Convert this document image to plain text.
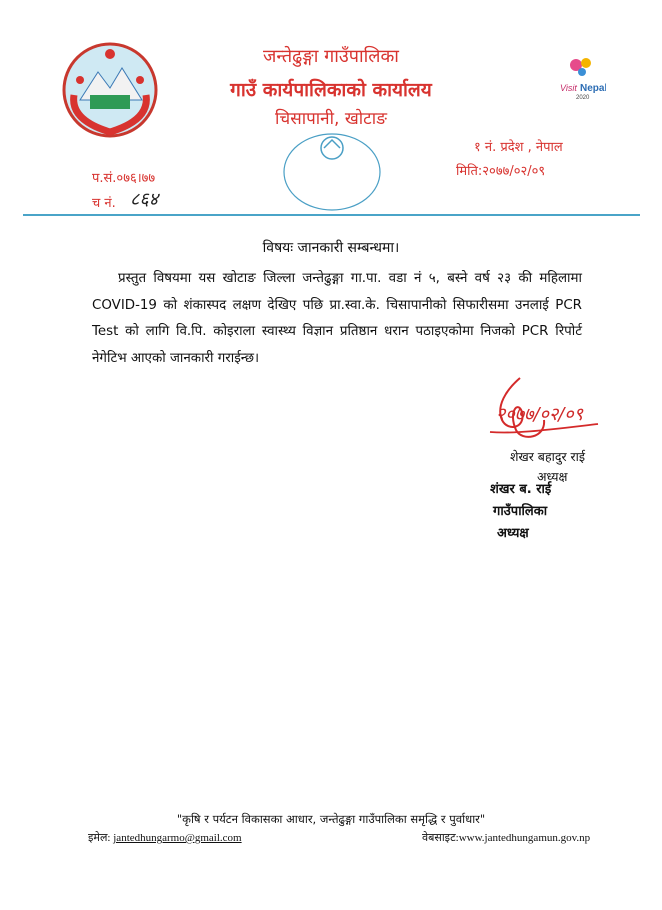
Visit Nepal
2020
जन्तेढुङ्गा गाउँपालिका
गाउँ कार्यपालिकाको कार्यालय
चिसापानी, खोटाङ
प.सं.०७६।७७
च नं. ८६४
१ नं. प्रदेश , नेपाल
मिति:२०७७/०२/०९
विषयः जानकारी सम्बन्धमा।
प्रस्तुत विषयमा यस खोटाङ जिल्ला जन्तेढुङ्गा गा.पा. वडा नं ५, बस्ने वर्ष २३ की महिलामा COVID-19 को शंकास्पद लक्षण देखिए पछि प्रा.स्वा.के. चिसापानीको सिफारीसमा उनलाई PCR Test को लागि वि.पि. कोइराला स्वास्थ्य विज्ञान प्रतिष्ठान धरान पठाइएकोमा निजको PCR रिपोर्ट नेगेटिभ आएको जानकारी गराईन्छ।
२०७७/०२/०९
शेखर बहादुर राई
अध्यक्ष
शंखर ब. राई
गाउँपालिका
अध्यक्ष
"कृषि र पर्यटन विकासका आधार, जन्तेढुङ्गा गाउँपालिका समृद्धि र पुर्वाधार"
इमेल: jantedhungarmo@gmail.com	वेबसाइट:www.jantedhungamun.gov.np
